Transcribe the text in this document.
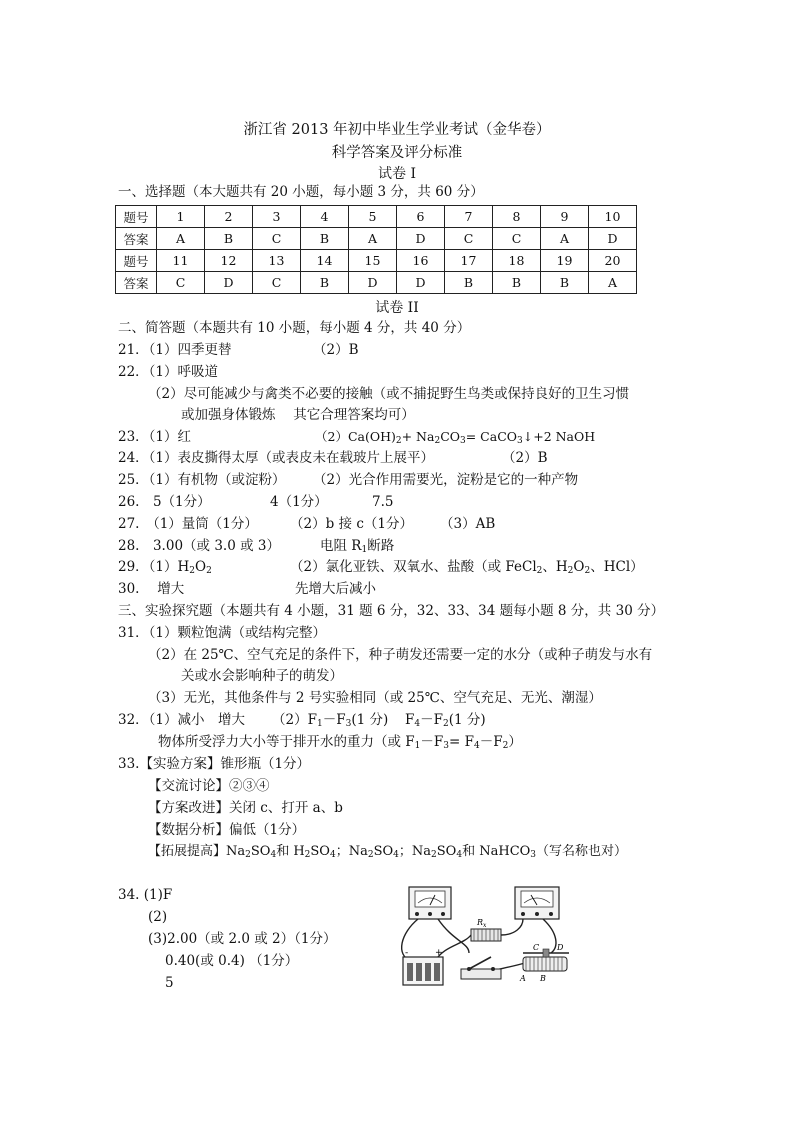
浙江省 2013 年初中毕业生学业考试（金华卷）
科学答案及评分标准
试卷 I
一、选择题（本大题共有 20 小题，每小题 3 分，共 60 分）
题号	1	2	3	4	5	6	7	8	9	10
答案	A	B	C	B	A	D	C	C	A	D
题号	11	12	13	14	15	16	17	18	19	20
答案	C	D	C	B	D	D	B	B	B	A
试卷 II
二、简答题（本题共有 10 小题，每小题 4 分，共 40 分）
21．（1）四季更替	（2）B
22．（1）呼吸道
（2）尽可能减少与禽类不必要的接触（或不捕捉野生鸟类或保持良好的卫生习惯
或加强身体锻炼　 其它合理答案均可）
23．（1）红	$(2)Ca(OH)_2+ Na_2CO_3=$ CaCO$_3$↓+2 NaOH
24．（1）表皮撕得太厚（或表皮未在载玻片上展平）	（2）B
25．（1）有机物（或淀粉） （2）光合作用需要光，淀粉是它的一种产物
26.　5（1分）	4（1分）	7.5
27.　（1）量筒（1分） （2）b 接 c（1分） （3）AB
28.　3.00（或 3.0 或 3）	电阻 $R_1$断路
29．$(1)H_2O_2$	（2）氯化亚铁、双氧水、盐酸（或 FeCl$_2$、$H_2O_2$、HCl）
30.　 增大	先增大后减小
三、实验探究题（本题共有 4 小题，31 题 6 分，32、33、34 题每小题 8 分，共 30 分）
31．（1）颗粒饱满（或结构完整）
（2）在 25℃、空气充足的条件下，种子萌发还需要一定的水分（或种子萌发与水有
关或水会影响种子的萌发）
（3）无光，其他条件与 2 号实验相同（或 25℃、空气充足、无光、潮湿）
32．（1）减小　增大 $(2)F_1-F_3(1$ 分) $F_4-F_2(1$ 分)
物体所受浮力大小等于排开水的重力（或 $F_1-F_3= F_4-F_2$）
33.【实验方案】锥形瓶（1分）
【交流讨论】②③④
【方案改进】关闭 c、打开 a、b
【数据分析】偏低（1分）
【拓展提高】$Na_2SO_4$和 $H_2SO_4$；$Na_2SO_4$；$Na_2SO_4$和 NaHCO$_3$（写名称也对）
34. (1)F
(2)
(3)2.00（或 2.0 或 2）（1分）
0.40(或 0.4) （1分）
5
$R_x$
+
-
C D
A B
